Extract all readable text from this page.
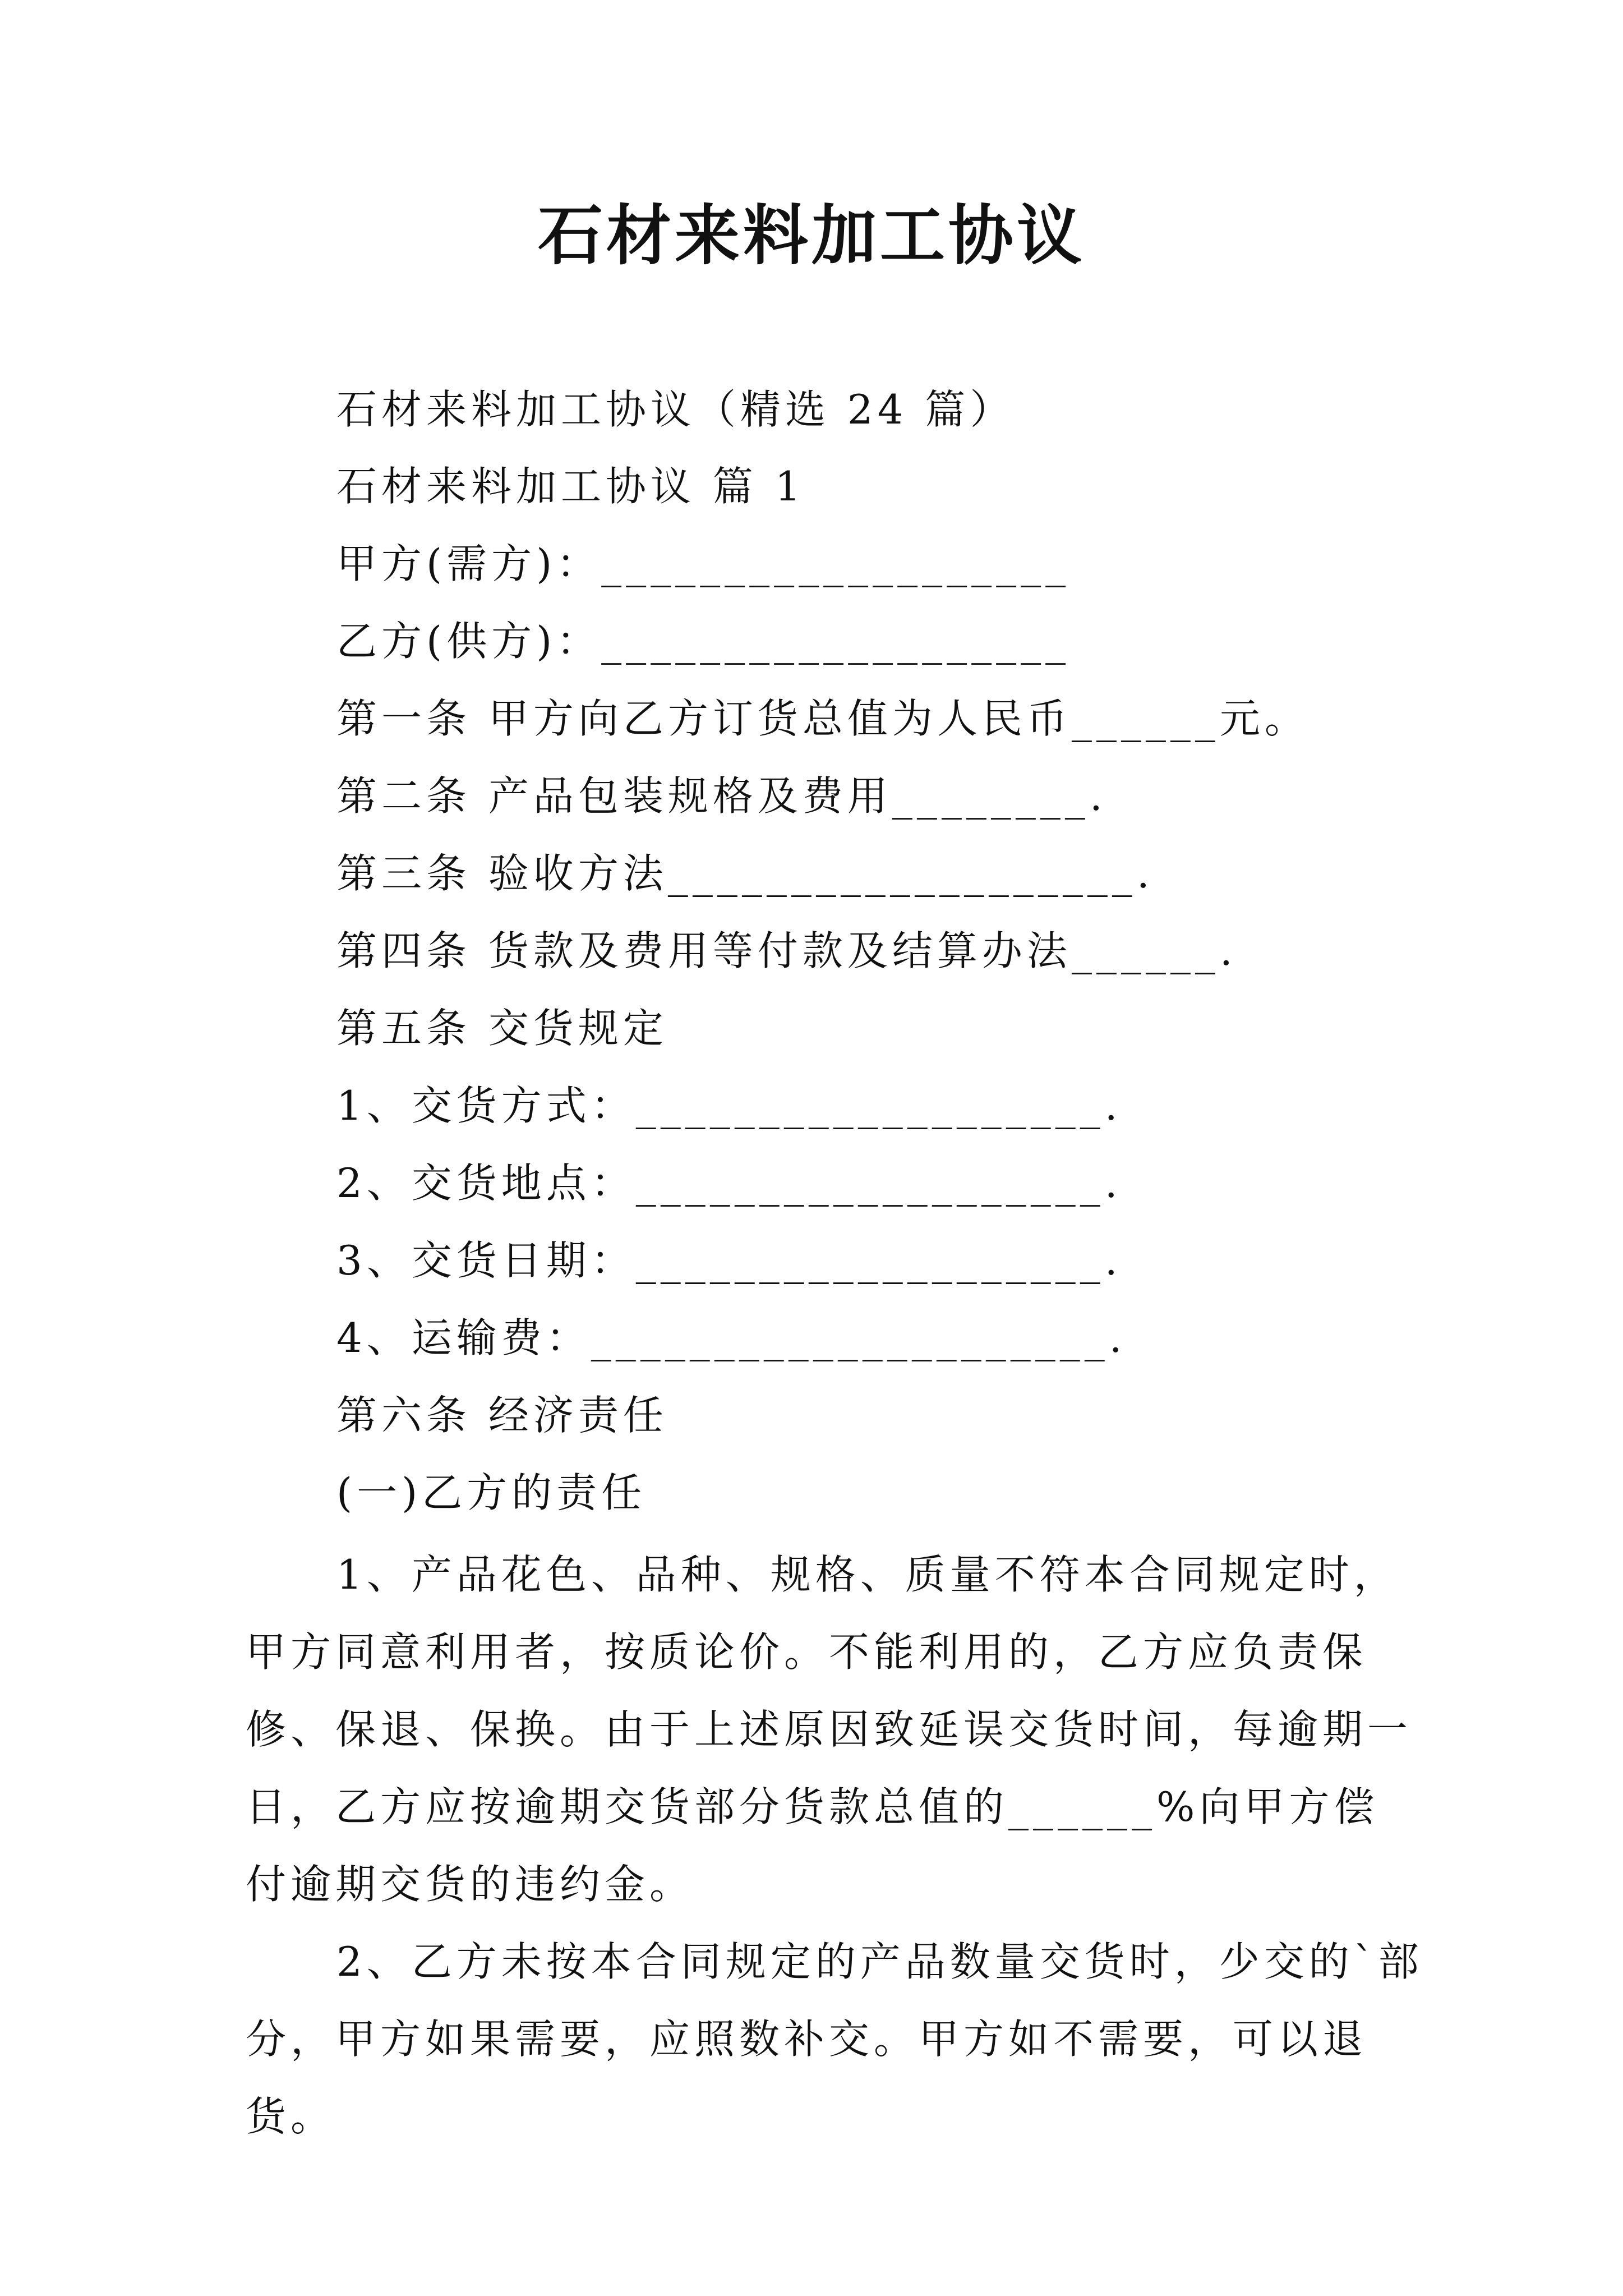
石材来料加工协议

石材来料加工协议（精选 24 篇）

石材来料加工协议 篇 1

甲方(需方)：___________________

乙方(供方)：___________________

第一条 甲方向乙方订货总值为人民币______元。

第二条 产品包装规格及费用________.

第三条 验收方法___________________.

第四条 货款及费用等付款及结算办法______.

第五条 交货规定

1、交货方式：___________________.

2、交货地点：___________________.

3、交货日期：___________________.

4、运输费：_____________________.

第六条 经济责任

(一)乙方的责任

1、产品花色、品种、规格、质量不符本合同规定时，甲方同意利用者，按质论价。不能利用的，乙方应负责保修、保退、保换。由于上述原因致延误交货时间，每逾期一日，乙方应按逾期交货部分货款总值的______%向甲方偿付逾期交货的违约金。

2、乙方未按本合同规定的产品数量交货时，少交的`部分，甲方如果需要，应照数补交。甲方如不需要，可以退货。
